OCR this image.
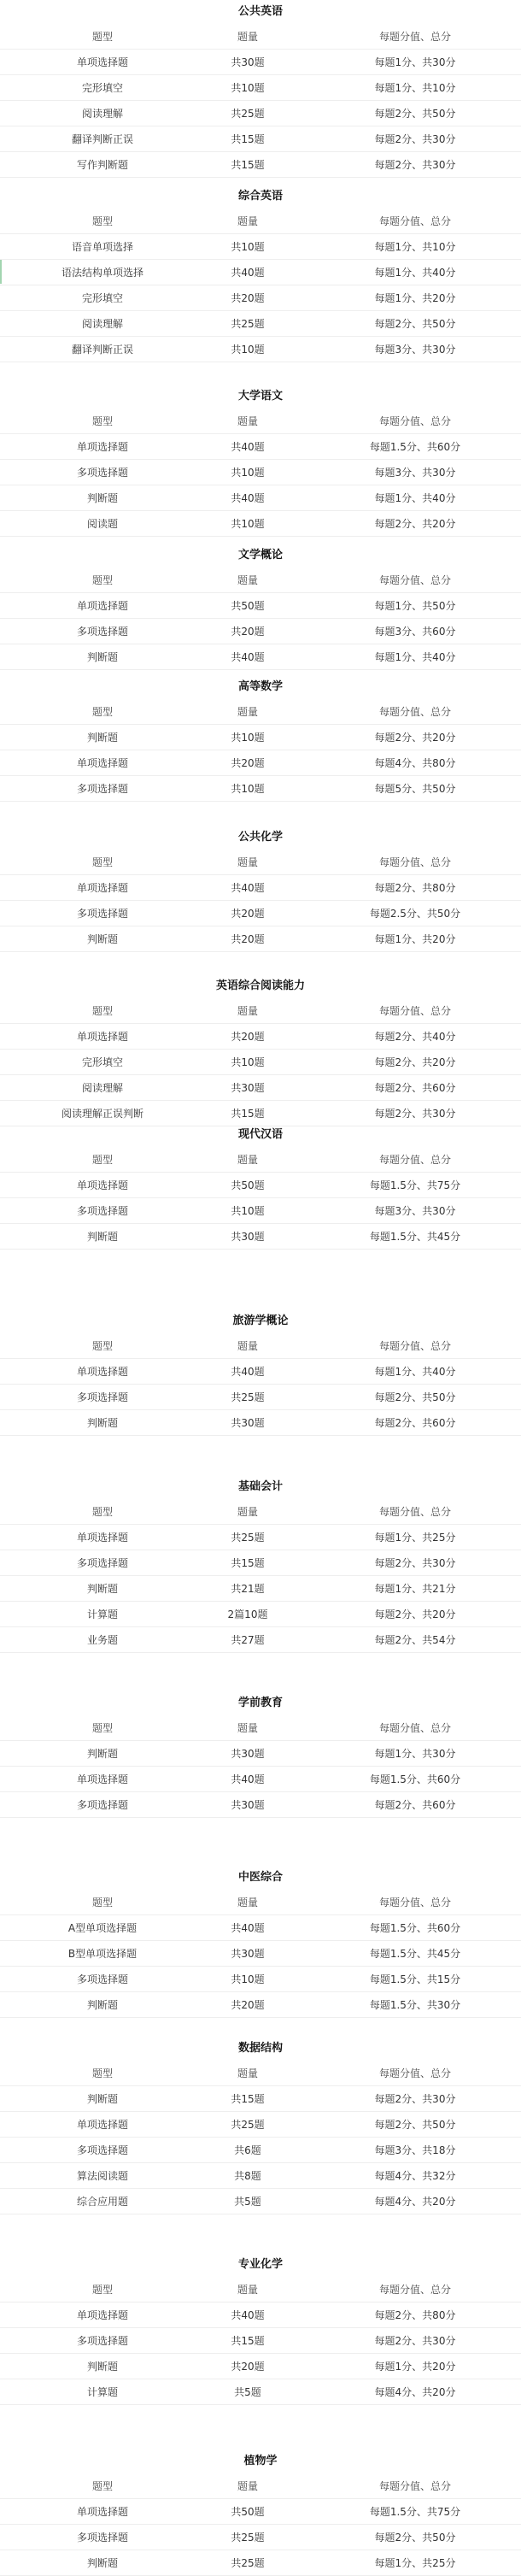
公共英语
题型	题量	每题分值、总分
单项选择题	共30题	每题1分、共30分
完形填空	共10题	每题1分、共10分
阅读理解	共25题	每题2分、共50分
翻译判断正误	共15题	每题2分、共30分
写作判断题	共15题	每题2分、共30分
综合英语
题型	题量	每题分值、总分
语音单项选择	共10题	每题1分、共10分
语法结构单项选择	共40题	每题1分、共40分
完形填空	共20题	每题1分、共20分
阅读理解	共25题	每题2分、共50分
翻译判断正误	共10题	每题3分、共30分
大学语文
题型	题量	每题分值、总分
单项选择题	共40题	每题1.5分、共60分
多项选择题	共10题	每题3分、共30分
判断题	共40题	每题1分、共40分
阅读题	共10题	每题2分、共20分
文学概论
题型	题量	每题分值、总分
单项选择题	共50题	每题1分、共50分
多项选择题	共20题	每题3分、共60分
判断题	共40题	每题1分、共40分
高等数学
题型	题量	每题分值、总分
判断题	共10题	每题2分、共20分
单项选择题	共20题	每题4分、共80分
多项选择题	共10题	每题5分、共50分
公共化学
题型	题量	每题分值、总分
单项选择题	共40题	每题2分、共80分
多项选择题	共20题	每题2.5分、共50分
判断题	共20题	每题1分、共20分
英语综合阅读能力
题型	题量	每题分值、总分
单项选择题	共20题	每题2分、共40分
完形填空	共10题	每题2分、共20分
阅读理解	共30题	每题2分、共60分
阅读理解正误判断	共15题	每题2分、共30分
现代汉语
题型	题量	每题分值、总分
单项选择题	共50题	每题1.5分、共75分
多项选择题	共10题	每题3分、共30分
判断题	共30题	每题1.5分、共45分
旅游学概论
题型	题量	每题分值、总分
单项选择题	共40题	每题1分、共40分
多项选择题	共25题	每题2分、共50分
判断题	共30题	每题2分、共60分
基础会计
题型	题量	每题分值、总分
单项选择题	共25题	每题1分、共25分
多项选择题	共15题	每题2分、共30分
判断题	共21题	每题1分、共21分
计算题	2篇10题	每题2分、共20分
业务题	共27题	每题2分、共54分
学前教育
题型	题量	每题分值、总分
判断题	共30题	每题1分、共30分
单项选择题	共40题	每题1.5分、共60分
多项选择题	共30题	每题2分、共60分
中医综合
题型	题量	每题分值、总分
A型单项选择题	共40题	每题1.5分、共60分
B型单项选择题	共30题	每题1.5分、共45分
多项选择题	共10题	每题1.5分、共15分
判断题	共20题	每题1.5分、共30分
数据结构
题型	题量	每题分值、总分
判断题	共15题	每题2分、共30分
单项选择题	共25题	每题2分、共50分
多项选择题	共6题	每题3分、共18分
算法阅读题	共8题	每题4分、共32分
综合应用题	共5题	每题4分、共20分
专业化学
题型	题量	每题分值、总分
单项选择题	共40题	每题2分、共80分
多项选择题	共15题	每题2分、共30分
判断题	共20题	每题1分、共20分
计算题	共5题	每题4分、共20分
植物学
题型	题量	每题分值、总分
单项选择题	共50题	每题1.5分、共75分
多项选择题	共25题	每题2分、共50分
判断题	共25题	每题1分、共25分
